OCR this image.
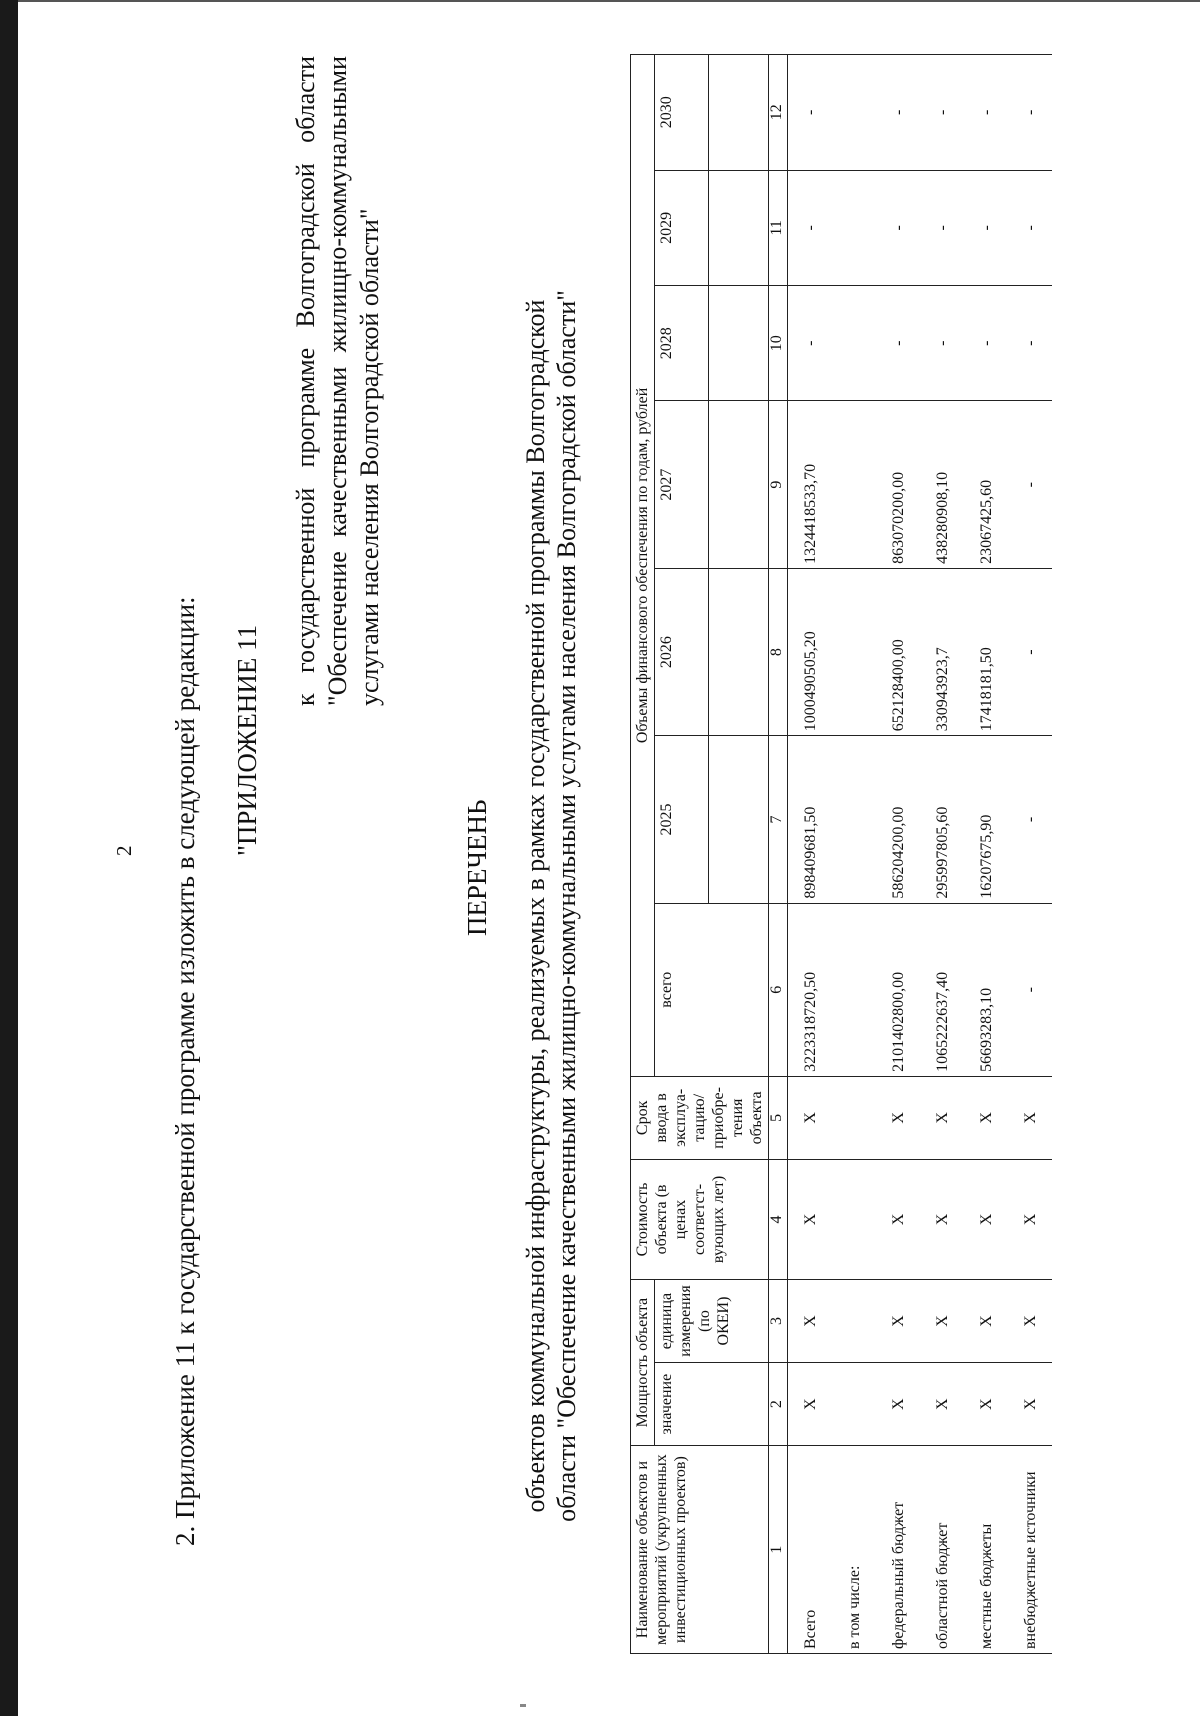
2 2. Приложение 11 к государственной программе изложить в следующей редакции: "ПРИЛОЖЕНИЕ 11
к государственной программе Волгоградской области "Обеспечение качественными жилищно-коммунальными услугами населения Волгоградской области"
ПЕРЕЧЕНЬ объектов коммунальной инфраструктуры, реализуемых в рамках государственной программы Волгоградской области "Обеспечение качественными жилищно-коммунальными услугами населения Волгоградской области"
Наименование объектов и мероприятий (укрупненных инвестиционных проектов)	Мощность объекта		Стоимость объекта (в ценах соответст-вующих лет)	Срок ввода в эксплуа-тацию/ приобре-тения объекта	Объемы финансового обеспечения по годам, рублей						
	значение	единица измерения (по ОКЕИ)			всего	2025	2026	2027	2028	2029	2030

1	2	3	4	5	6	7	8	9	10	11	12
Всего	X	X	X	X	3223318720,50	898409681,50	1000490505,20	1324418533,70	-	-	-
в том числе:											
федеральный бюджет	X	X	X	X	2101402800,00	586204200,00	652128400,00	863070200,00	-	-	-
областной бюджет	X	X	X	X	1065222637,40	295997805,60	330943923,7	438280908,10	-	-	-
местные бюджеты	X	X	X	X	56693283,10	16207675,90	17418181,50	23067425,60	-	-	-
внебюджетные источники	X	X	X	X	-	-	-	-	-	-	-
